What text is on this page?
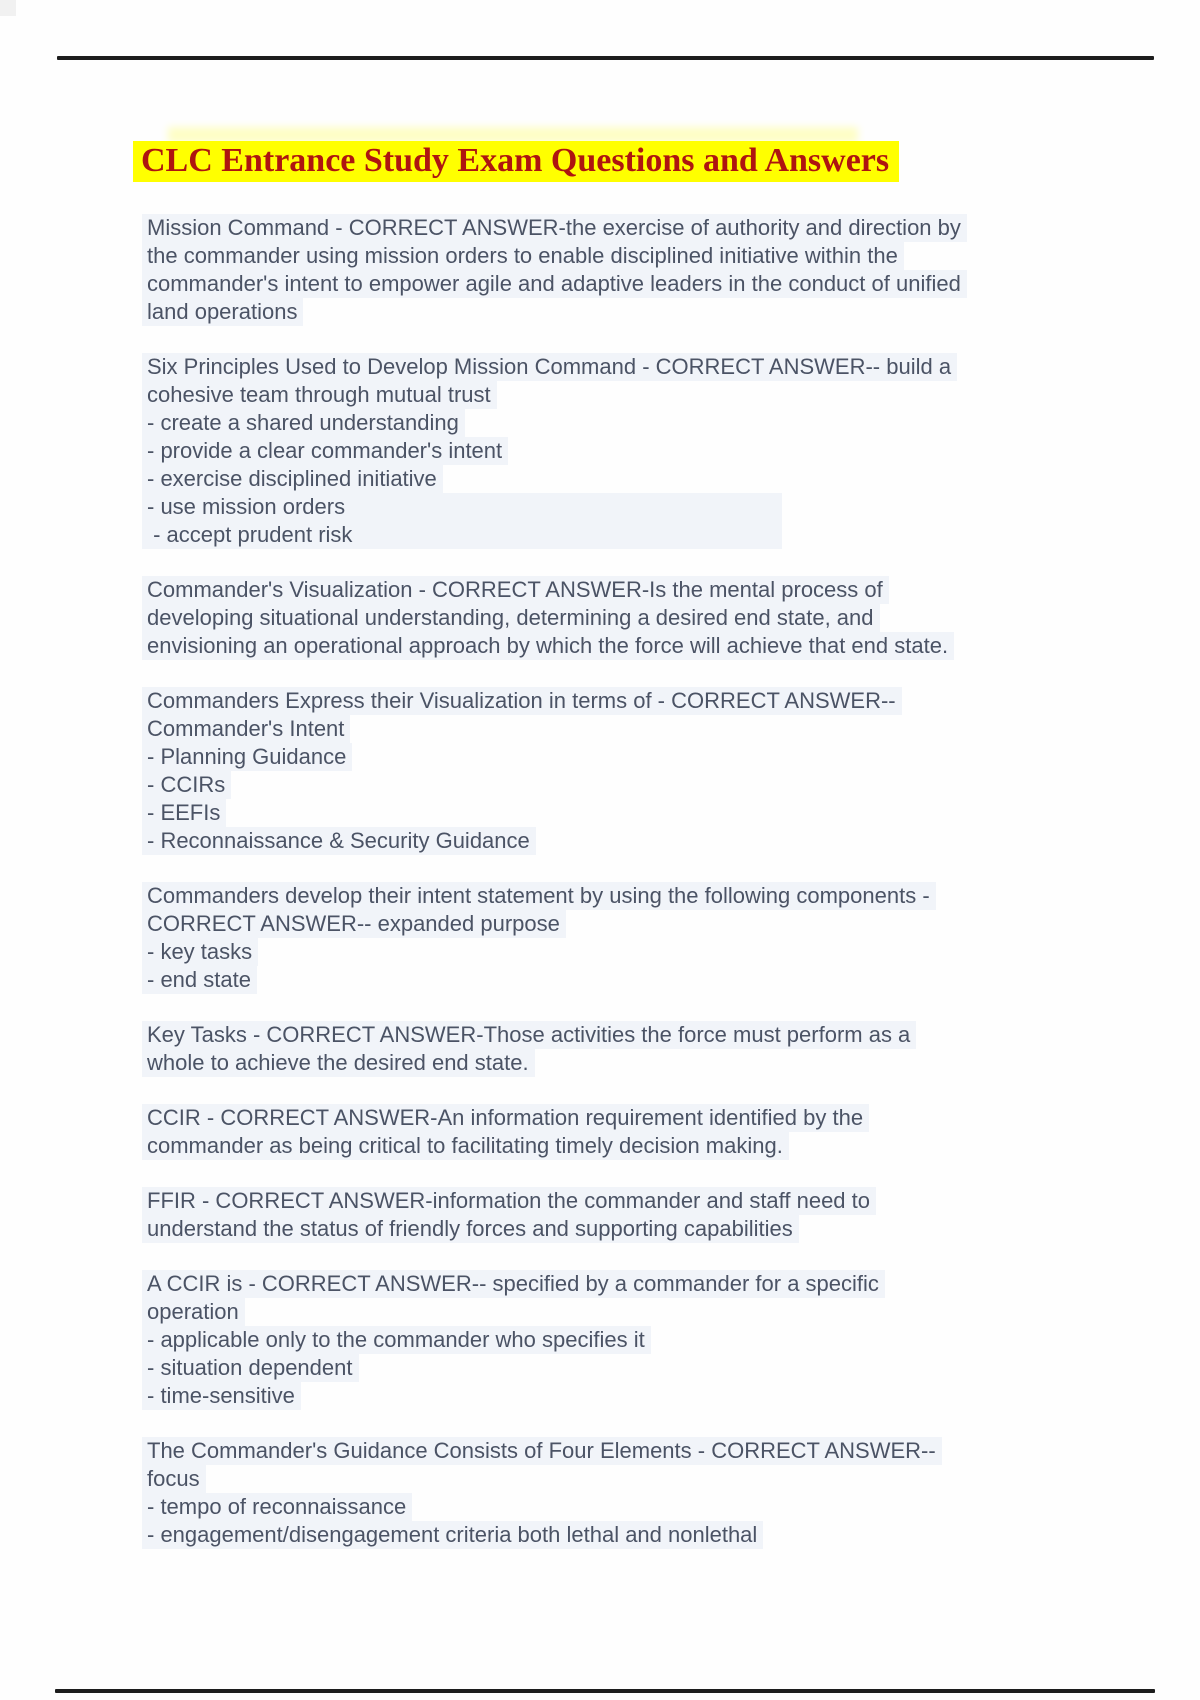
CLC Entrance Study Exam Questions and Answers
Mission Command - CORRECT ANSWER-the exercise of authority and direction by
the commander using mission orders to enable disciplined initiative within the
commander's intent to empower agile and adaptive leaders in the conduct of unified
land operations
Six Principles Used to Develop Mission Command - CORRECT ANSWER-- build a
cohesive team through mutual trust
- create a shared understanding
- provide a clear commander's intent
- exercise disciplined initiative
- use mission orders
- accept prudent risk
Commander's Visualization - CORRECT ANSWER-Is the mental process of
developing situational understanding, determining a desired end state, and
envisioning an operational approach by which the force will achieve that end state.
Commanders Express their Visualization in terms of - CORRECT ANSWER--
Commander's Intent
- Planning Guidance
- CCIRs
- EEFIs
- Reconnaissance & Security Guidance
Commanders develop their intent statement by using the following components -
CORRECT ANSWER-- expanded purpose
- key tasks
- end state
Key Tasks - CORRECT ANSWER-Those activities the force must perform as a
whole to achieve the desired end state.
CCIR - CORRECT ANSWER-An information requirement identified by the
commander as being critical to facilitating timely decision making.
FFIR - CORRECT ANSWER-information the commander and staff need to
understand the status of friendly forces and supporting capabilities
A CCIR is - CORRECT ANSWER-- specified by a commander for a specific
operation
- applicable only to the commander who specifies it
- situation dependent
- time-sensitive
The Commander's Guidance Consists of Four Elements - CORRECT ANSWER--
focus
- tempo of reconnaissance
- engagement/disengagement criteria both lethal and nonlethal
